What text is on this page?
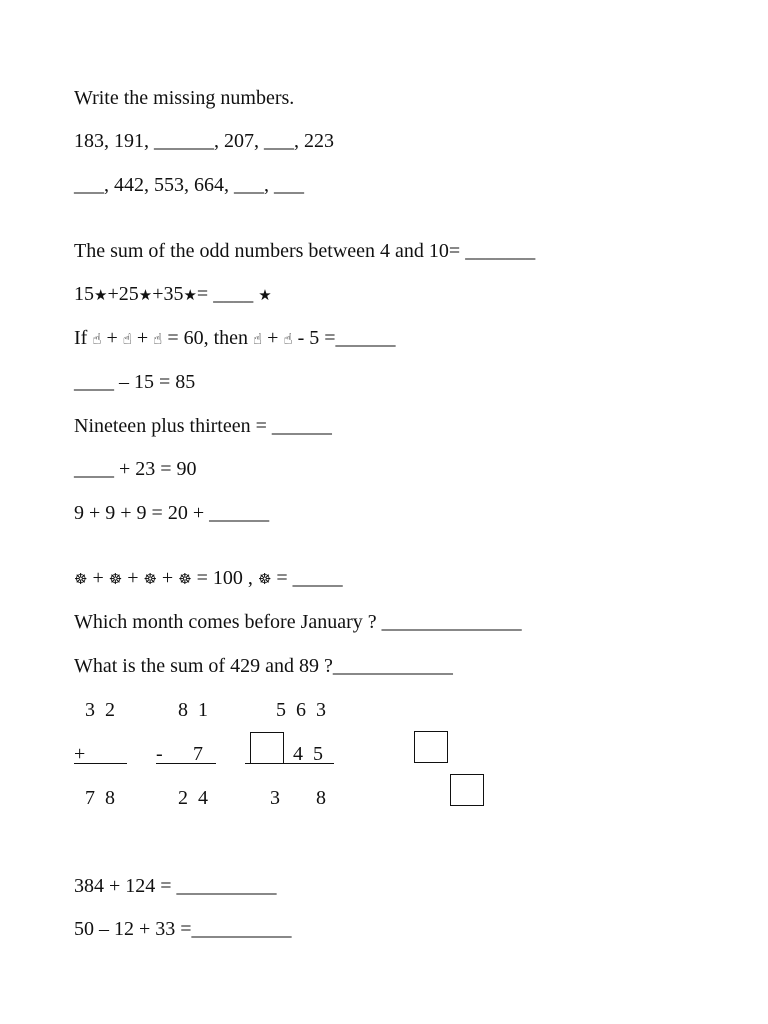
Write the missing numbers.
183, 191, ______, 207, ___, 223
___, 442, 553, 664, ___, ___
The sum of the odd numbers between 4 and 10= _______
15★+25★+35★= ____ ★
If ☝ + ☝ + ☝ = 60, then ☝ + ☝ - 5 =______
____ – 15 = 85
Nineteen plus thirteen = ______
____ + 23 = 90
9 + 9 + 9 = 20 + ______
☸ + ☸ + ☸ + ☸ = 100 , ☸ = _____
Which month comes before January ? ______________
What is the sum of 429 and 89 ?____________
3  2
+
7  8
8  1
- 7
2  4
5  6  3
4  5
3 8
384 + 124 = __________
50 – 12 + 33 =__________
